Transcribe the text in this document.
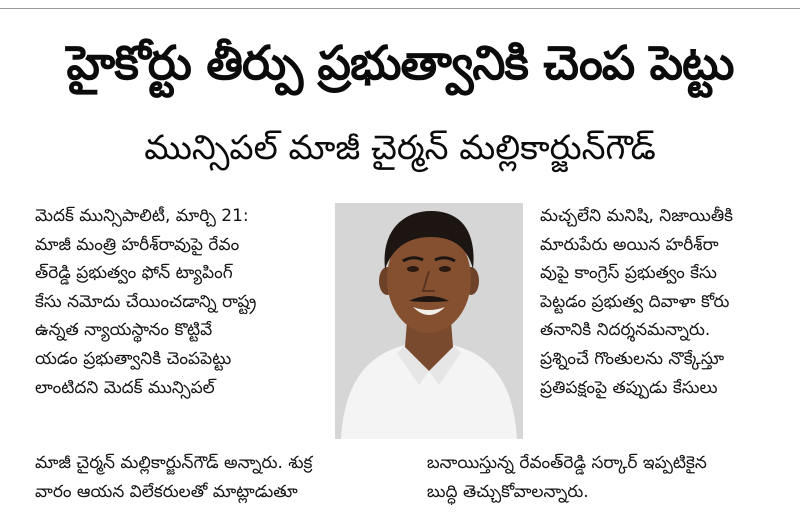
హైకోర్టు తీర్పు ప్రభుత్వానికి చెంప పెట్టు
మున్సిపల్ మాజీ చైర్మన్ మల్లికార్జున్‌గౌడ్
మెదక్ మున్సిపాలిటీ, మార్చి 21:
మాజీ మంత్రి హరీశ్‌రావుపై రేవం
త్‌రెడ్డి ప్రభుత్వం ఫోన్ ట్యాపింగ్
కేసు నమోదు చేయించడాన్ని రాష్ట్ర
ఉన్నత న్యాయస్థానం కొట్టివే
యడం ప్రభుత్వానికి చెంపపెట్టు
లాంటిదని మెదక్ మున్సిపల్
మచ్చలేని మనిషి, నిజాయితీకి
మారుపేరు అయిన హరీశ్‌రా
వుపై కాంగ్రెస్ ప్రభుత్వం కేసు
పెట్టడం ప్రభుత్వ దివాళా కోరు
తనానికి నిదర్శనమన్నారు.
ప్రశ్నించే గొంతులను నొక్కేస్తూ
ప్రతిపక్షంపై తప్పుడు కేసులు
మాజీ చైర్మన్ మల్లికార్జున్‌గౌడ్ అన్నారు. శుక్ర	బనాయిస్తున్న రేవంత్‌రెడ్డి సర్కార్ ఇప్పటికైన
వారం ఆయన విలేకరులతో మాట్లాడుతూ	బుద్ధి తెచ్చుకోవాలన్నారు.
